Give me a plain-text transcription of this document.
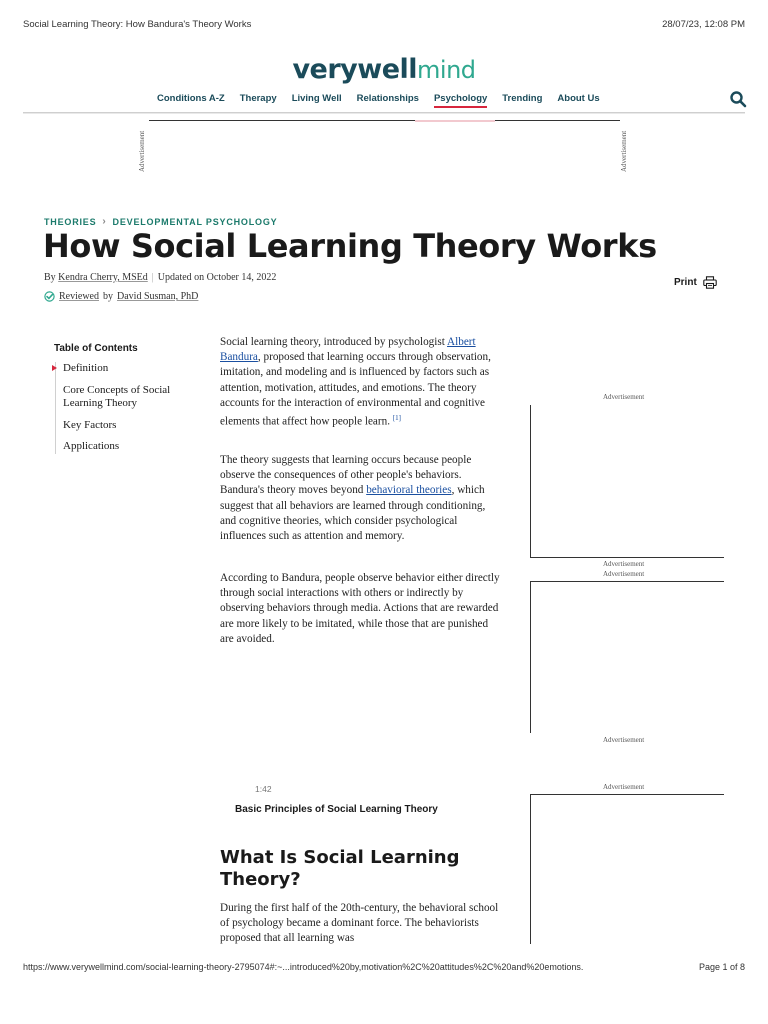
Social Learning Theory: How Bandura's Theory Works	28/07/23, 12:08 PM
verywellmind
Conditions A-Z Therapy Living Well Relationships Psychology Trending About Us
Advertisement	Advertisement
THEORIES › DEVELOPMENTAL PSYCHOLOGY
How Social Learning Theory Works
By Kendra Cherry, MSEd | Updated on October 14, 2022
Reviewed by David Susman, PhD
Print
Table of Contents
Definition
Core Concepts of Social Learning Theory
Key Factors
Applications

Social learning theory, introduced by psychologist Albert Bandura, proposed that learning occurs through observation, imitation, and modeling and is influenced by factors such as attention, motivation, attitudes, and emotions. The theory accounts for the interaction of environmental and cognitive elements that affect how people learn. [1]

The theory suggests that learning occurs because people observe the consequences of other people's behaviors. Bandura's theory moves beyond behavioral theories, which suggest that all behaviors are learned through conditioning, and cognitive theories, which consider psychological influences such as attention and memory.

According to Bandura, people observe behavior either directly through social interactions with others or indirectly by observing behaviors through media. Actions that are rewarded are more likely to be imitated, while those that are punished are avoided.

Advertisement
Advertisement
Advertisement
Advertisement
Advertisement
1:42
Basic Principles of Social Learning Theory
What Is Social Learning Theory?

During the first half of the 20th-century, the behavioral school of psychology became a dominant force. The behaviorists proposed that all learning was

https://www.verywellmind.com/social-learning-theory-2795074#:~...introduced%20by,motivation%2C%20attitudes%2C%20and%20emotions.	Page 1 of 8
